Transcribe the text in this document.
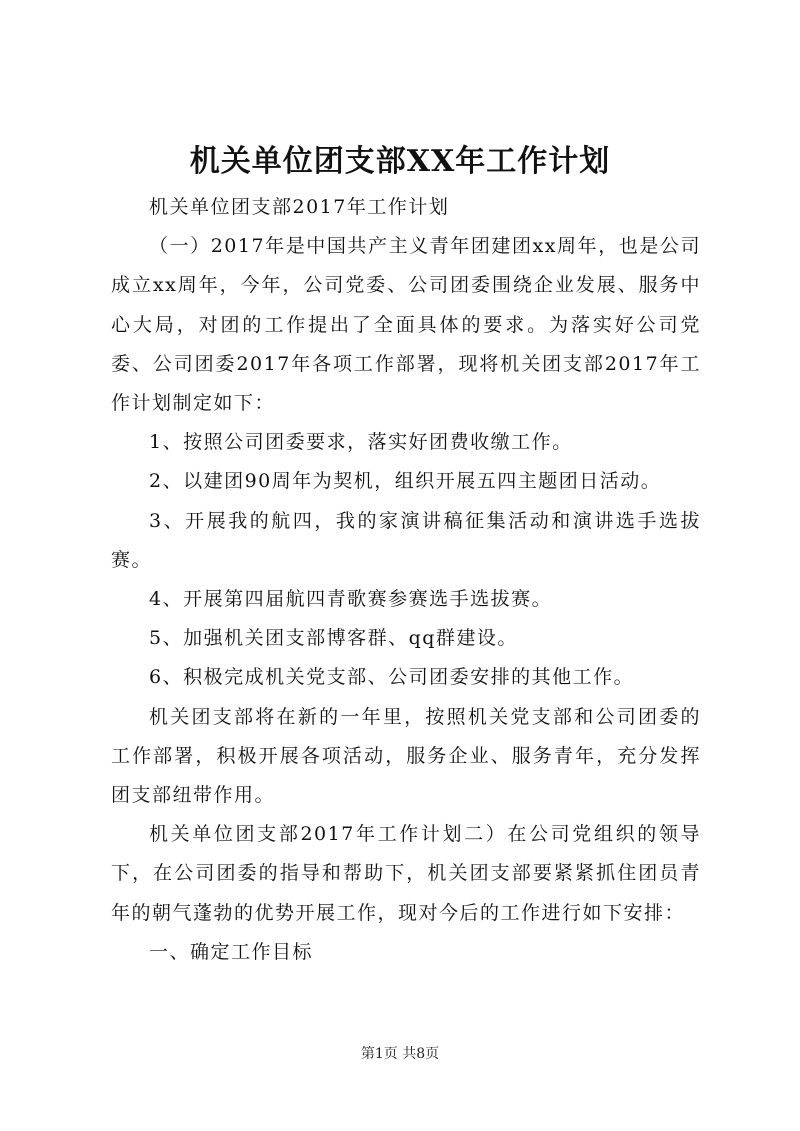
机关单位团支部XX年工作计划

机关单位团支部2017年工作计划

（一）2017年是中国共产主义青年团建团xx周年，也是公司成立xx周年，今年，公司党委、公司团委围绕企业发展、服务中心大局，对团的工作提出了全面具体的要求。为落实好公司党委、公司团委2017年各项工作部署，现将机关团支部2017年工作计划制定如下：

1、按照公司团委要求，落实好团费收缴工作。

2、以建团90周年为契机，组织开展五四主题团日活动。

3、开展我的航四，我的家演讲稿征集活动和演讲选手选拔赛。

4、开展第四届航四青歌赛参赛选手选拔赛。

5、加强机关团支部博客群、qq群建设。

6、积极完成机关党支部、公司团委安排的其他工作。

机关团支部将在新的一年里，按照机关党支部和公司团委的工作部署，积极开展各项活动，服务企业、服务青年，充分发挥团支部纽带作用。

机关单位团支部2017年工作计划二）在公司党组织的领导下，在公司团委的指导和帮助下，机关团支部要紧紧抓住团员青年的朝气蓬勃的优势开展工作，现对今后的工作进行如下安排：

一、确定工作目标

第1页 共8页
